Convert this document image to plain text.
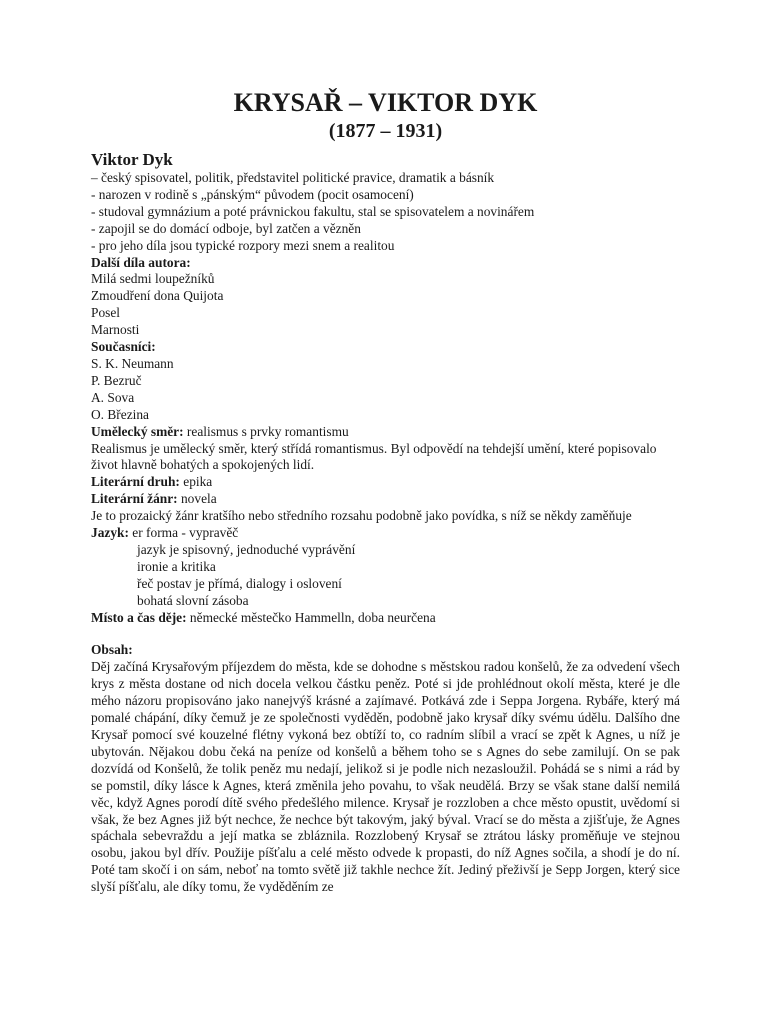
KRYSAŘ – VIKTOR DYK
(1877 – 1931)
Viktor Dyk
– český spisovatel, politik, představitel politické pravice, dramatik a básník
- narozen v rodině s „pánským“ původem (pocit osamocení)
- studoval gymnázium a poté právnickou fakultu, stal se spisovatelem a novinářem
- zapojil se do domácí odboje, byl zatčen a vězněn
- pro jeho díla jsou typické rozpory mezi snem a realitou
Další díla autora:
Milá sedmi loupežníků
Zmoudření dona Quijota
Posel
Marnosti
Současníci:
S. K. Neumann
P. Bezruč
A. Sova
O. Březina
Umělecký směr: realismus s prvky romantismu

Realismus je umělecký směr, který střídá romantismus. Byl odpovědí na tehdejší umění, které popisovalo život hlavně bohatých a spokojených lidí.

Literární druh: epika
Literární žánr: novela

Je to prozaický žánr kratšího nebo středního rozsahu podobně jako povídka, s níž se někdy zaměňuje

Jazyk: er forma - vypravěč
jazyk je spisovný, jednoduché vyprávění
ironie a kritika
řeč postav je přímá, dialogy i oslovení
bohatá slovní zásoba
Místo a čas děje: německé městečko Hammelln, doba neurčena
Obsah:

Děj začíná Krysařovým příjezdem do města, kde se dohodne s městskou radou konšelů, že za odvedení všech krys z města dostane od nich docela velkou částku peněz. Poté si jde prohlédnout okolí města, které je dle mého názoru propisováno jako nanejvýš krásné a zajímavé. Potkává zde i Seppa Jorgena. Rybáře, který má pomalé chápání, díky čemuž je ze společnosti vyděděn, podobně jako krysař díky svému údělu. Dalšího dne Krysař pomocí své kouzelné flétny vykoná bez obtíží to, co radním slíbil a vrací se zpět k Agnes, u níž je ubytován. Nějakou dobu čeká na peníze od konšelů a během toho se s Agnes do sebe zamilují. On se pak dozvídá od Konšelů, že tolik peněz mu nedají, jelikož si je podle nich nezasloužil. Pohádá se s nimi a rád by se pomstil, díky lásce k Agnes, která změnila jeho povahu, to však neudělá. Brzy se však stane další nemilá věc, když Agnes porodí dítě svého předešlého milence. Krysař je rozzloben a chce město opustit, uvědomí si však, že bez Agnes již být nechce, že nechce být takovým, jaký býval. Vrací se do města a zjišťuje, že Agnes spáchala sebevraždu a její matka se zbláznila. Rozzlobený Krysař se ztrátou lásky proměňuje ve stejnou osobu, jakou byl dřív. Použije píšťalu a celé město odvede k propasti, do níž Agnes sočila, a shodí je do ní. Poté tam skočí i on sám, neboť na tomto světě již takhle nechce žít. Jediný přeživší je Sepp Jorgen, který sice slyší píšťalu, ale díky tomu, že vyděděním ze
